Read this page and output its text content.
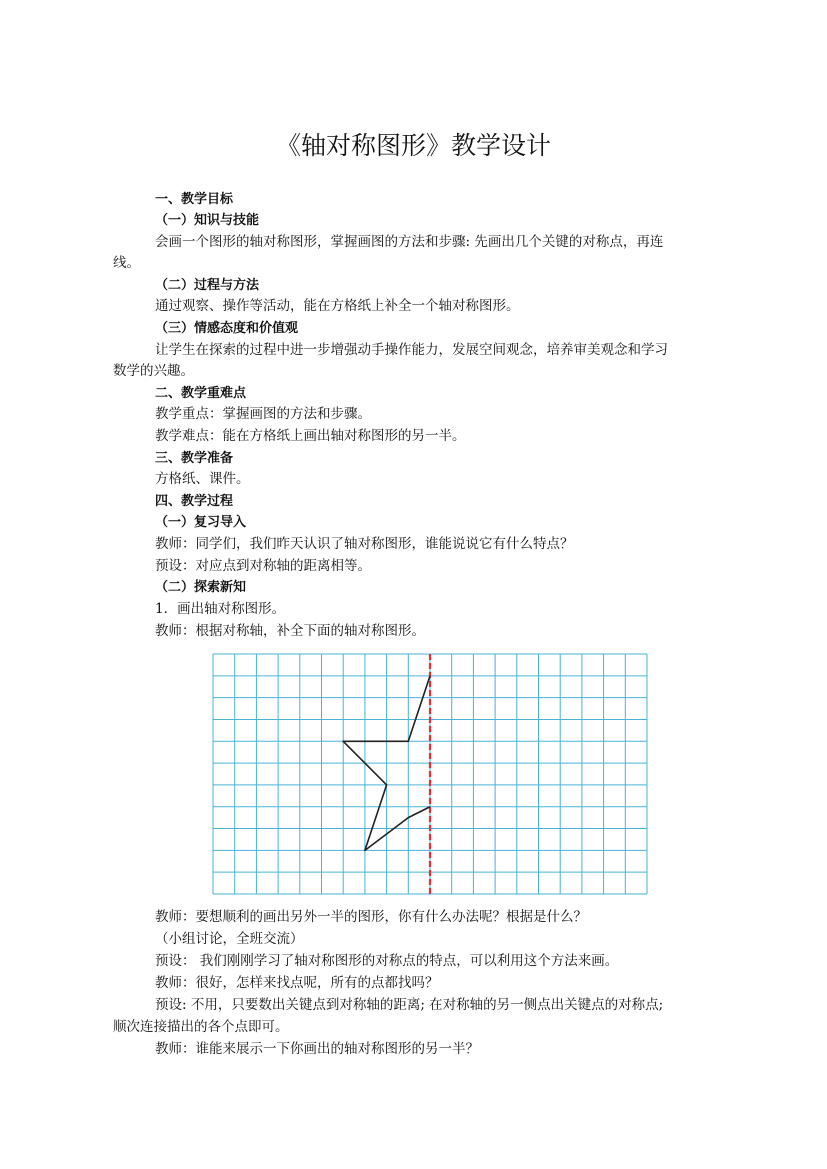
《轴对称图形》教学设计
一、教学目标
（一）知识与技能
会画一个图形的轴对称图形，掌握画图的方法和步骤: 先画出几个关键的对称点，再连
线。
（二）过程与方法
通过观察、操作等活动，能在方格纸上补全一个轴对称图形。
（三）情感态度和价值观
让学生在探索的过程中进一步增强动手操作能力，发展空间观念，培养审美观念和学习
数学的兴趣。
二、教学重难点
教学重点：掌握画图的方法和步骤。
教学难点：能在方格纸上画出轴对称图形的另一半。
三、教学准备
方格纸、课件。
四、教学过程
（一）复习导入
教师：同学们，我们昨天认识了轴对称图形，谁能说说它有什么特点？
预设：对应点到对称轴的距离相等。
（二）探索新知
1．画出轴对称图形。
教师：根据对称轴，补全下面的轴对称图形。
教师：要想顺利的画出另外一半的图形，你有什么办法呢？根据是什么？
（小组讨论，全班交流）
预设： 我们刚刚学习了轴对称图形的对称点的特点，可以利用这个方法来画。
教师：很好，怎样来找点呢，所有的点都找吗？
预设: 不用，只要数出关键点到对称轴的距离; 在对称轴的另一侧点出关键点的对称点;
顺次连接描出的各个点即可。
教师：谁能来展示一下你画出的轴对称图形的另一半？
